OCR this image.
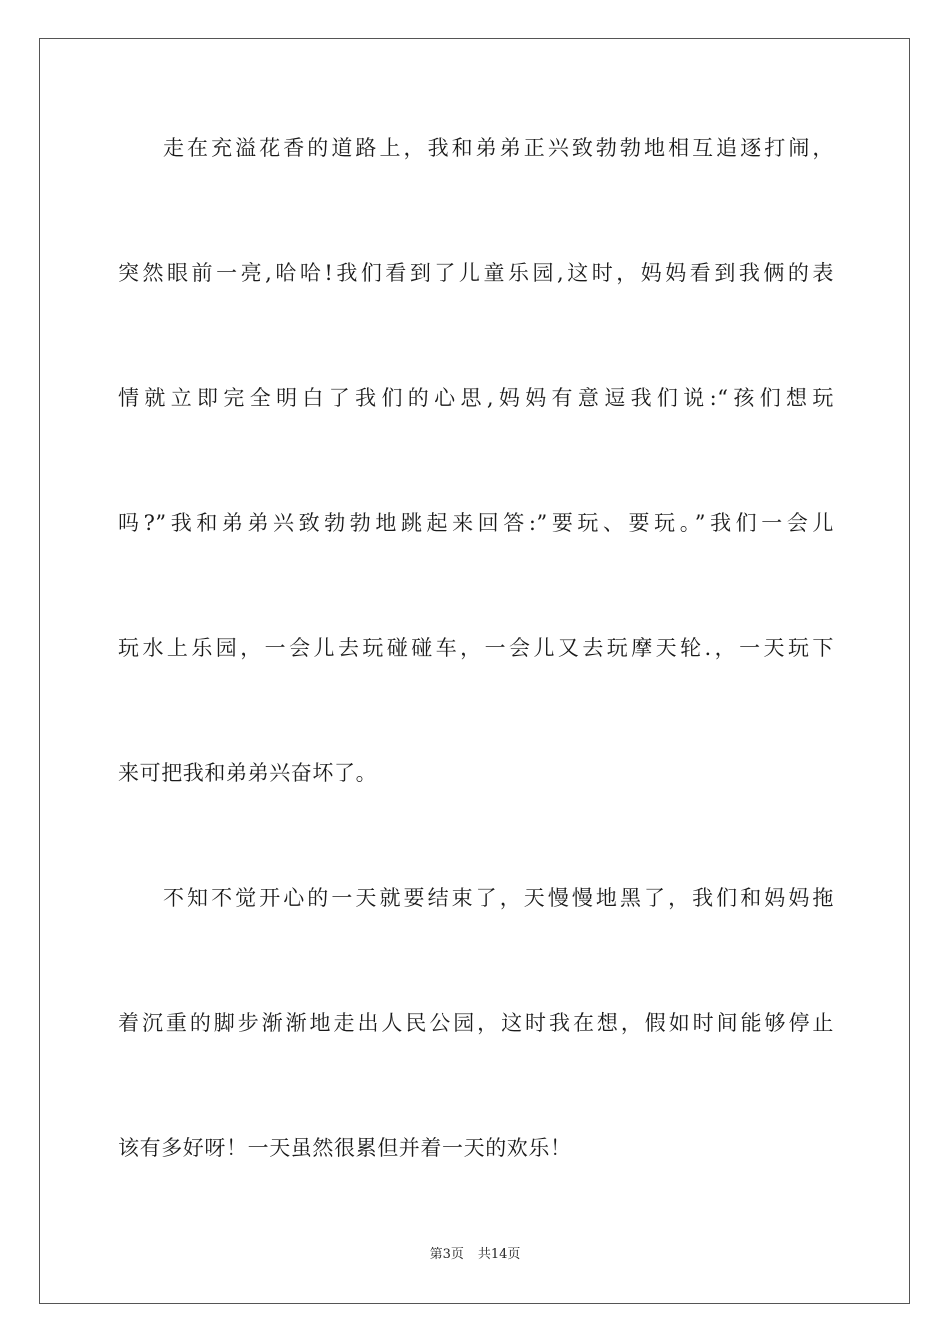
走在充溢花香的道路上，我和弟弟正兴致勃勃地相互追逐打闹，
突然眼前一亮,哈哈!我们看到了儿童乐园,这时，妈妈看到我俩的表
情就立即完全明白了我们的心思,妈妈有意逗我们说:“孩们想玩
吗?”我和弟弟兴致勃勃地跳起来回答:”要玩、要玩。”我们一会儿
玩水上乐园，一会儿去玩碰碰车，一会儿又去玩摩天轮.，一天玩下
来可把我和弟弟兴奋坏了。
不知不觉开心的一天就要结束了，天慢慢地黑了，我们和妈妈拖
着沉重的脚步渐渐地走出人民公园，这时我在想，假如时间能够停止
该有多好呀！一天虽然很累但并着一天的欢乐！
第3页 共14页
